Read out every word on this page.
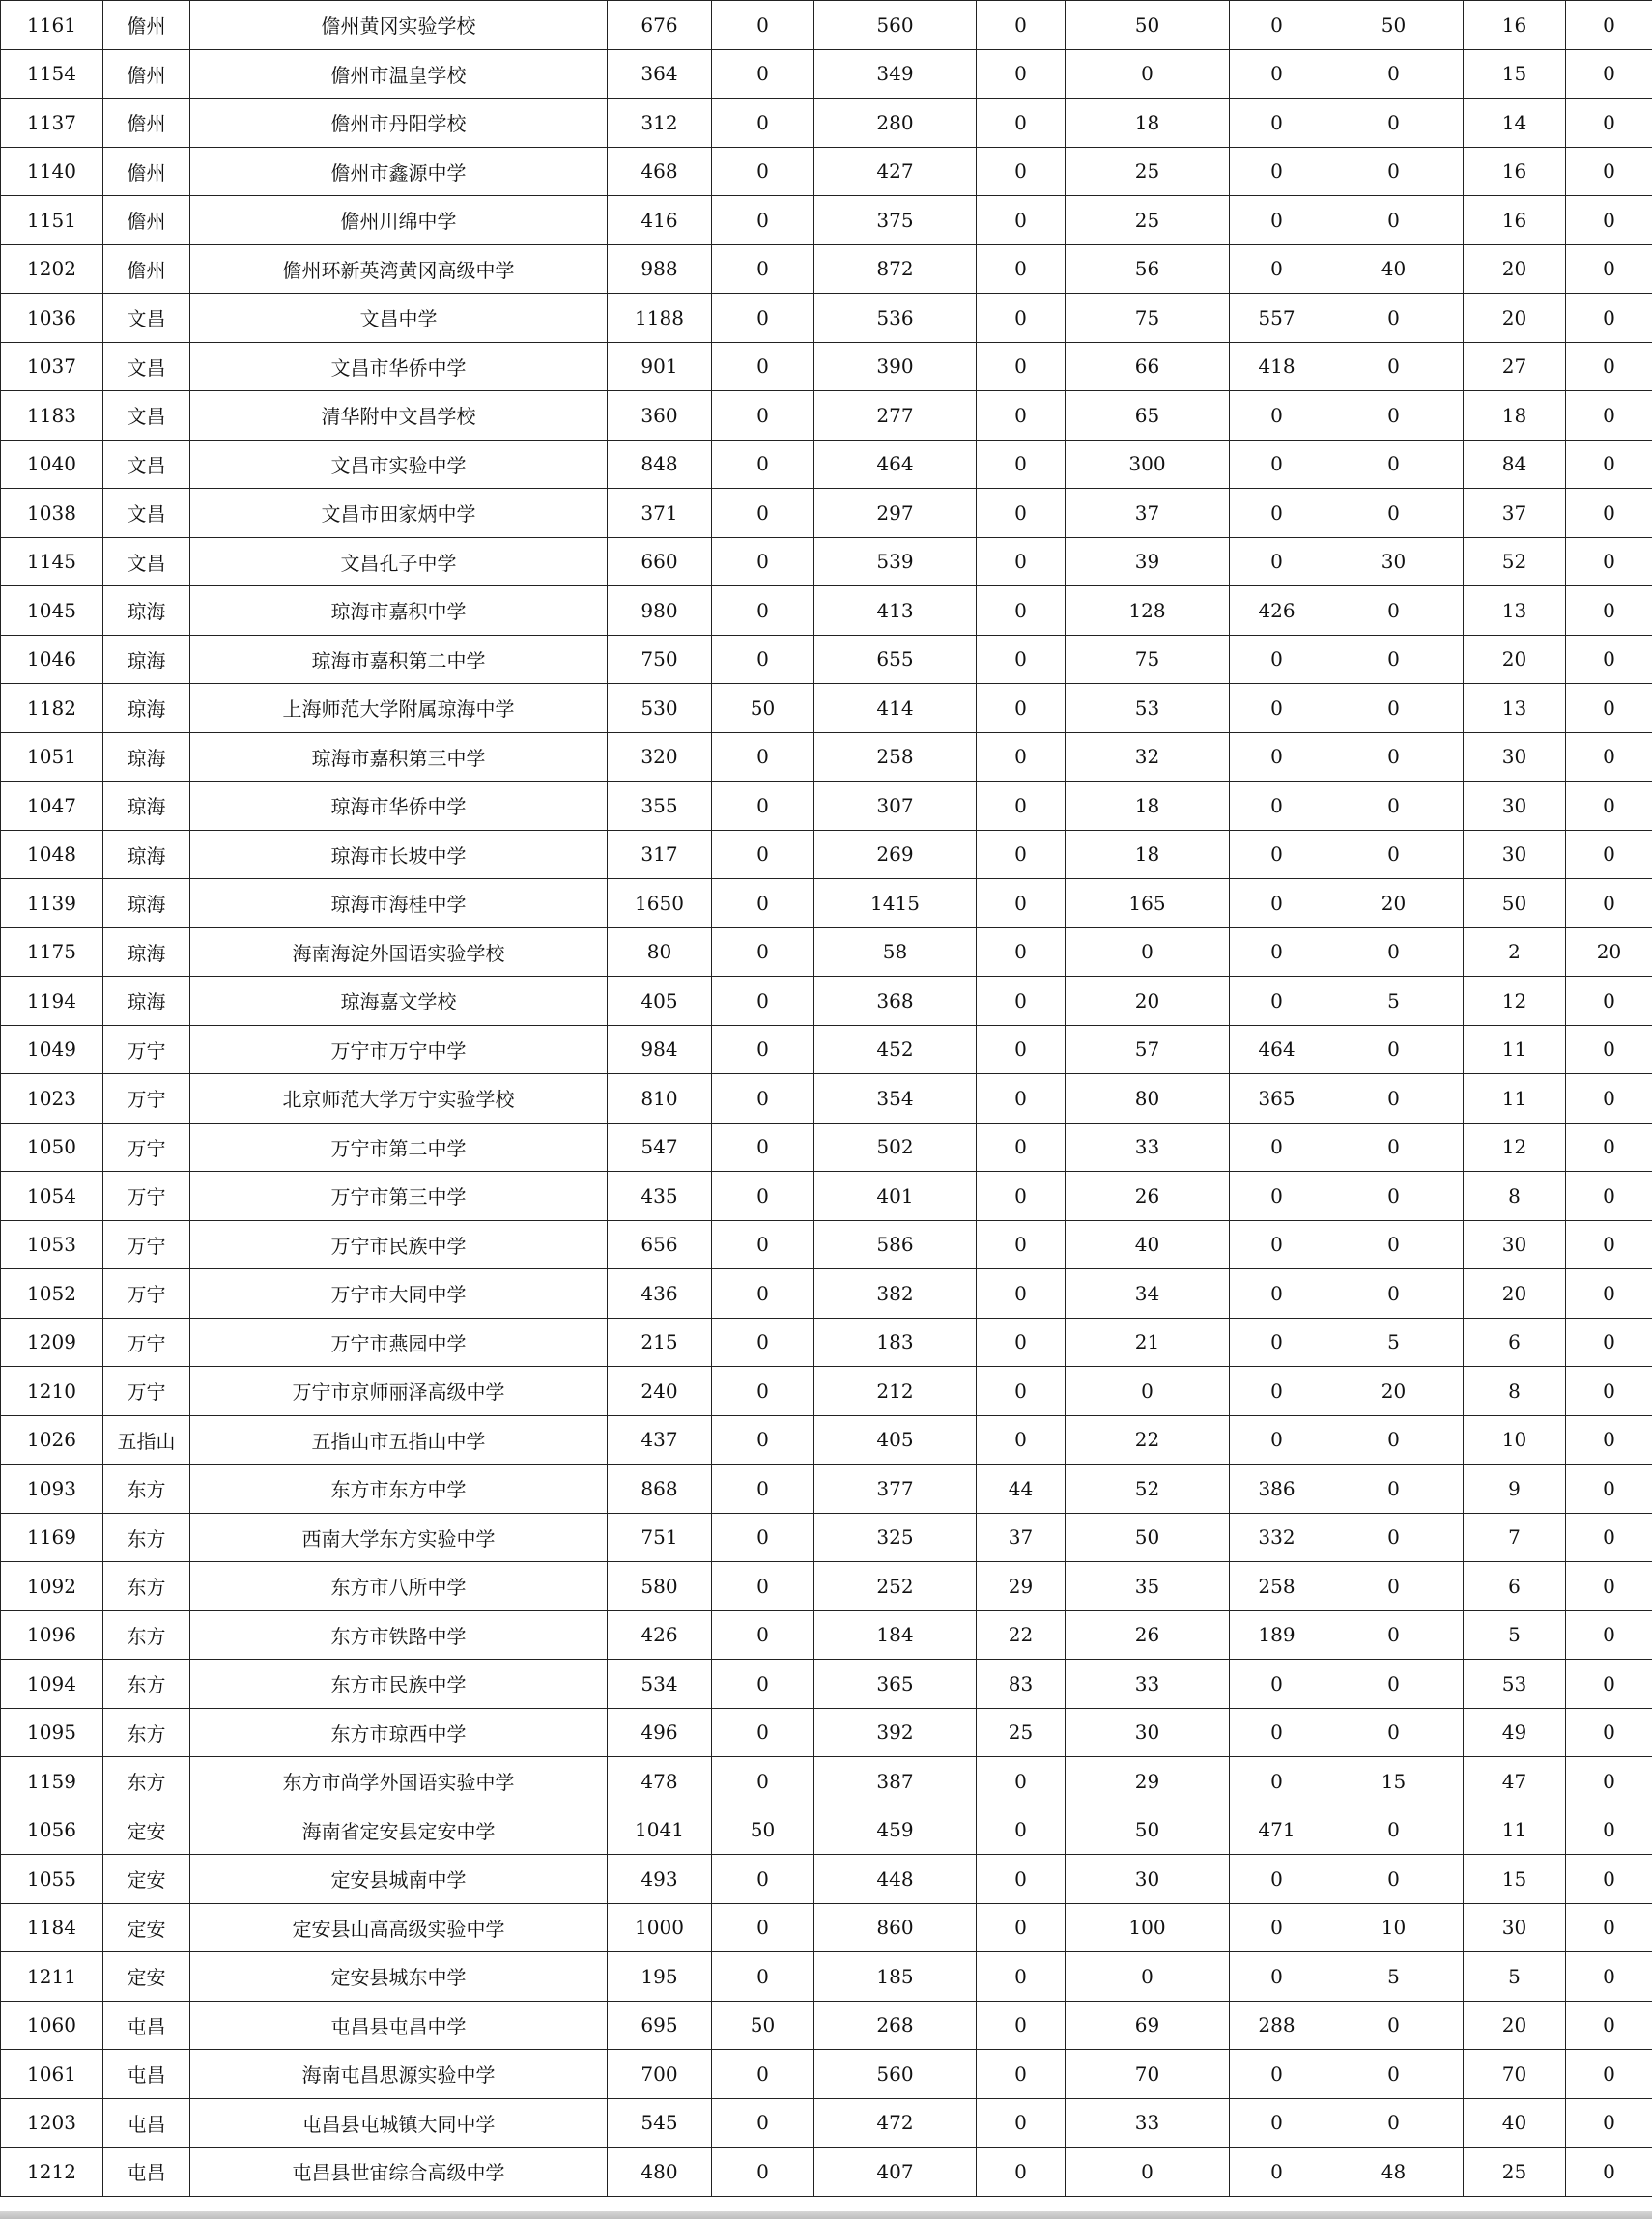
1161	儋州	儋州黄冈实验学校	676	0	560	0	50	0	50	16	0
1154	儋州	儋州市温皇学校	364	0	349	0	0	0	0	15	0
1137	儋州	儋州市丹阳学校	312	0	280	0	18	0	0	14	0
1140	儋州	儋州市鑫源中学	468	0	427	0	25	0	0	16	0
1151	儋州	儋州川绵中学	416	0	375	0	25	0	0	16	0
1202	儋州	儋州环新英湾黄冈高级中学	988	0	872	0	56	0	40	20	0
1036	文昌	文昌中学	1188	0	536	0	75	557	0	20	0
1037	文昌	文昌市华侨中学	901	0	390	0	66	418	0	27	0
1183	文昌	清华附中文昌学校	360	0	277	0	65	0	0	18	0
1040	文昌	文昌市实验中学	848	0	464	0	300	0	0	84	0
1038	文昌	文昌市田家炳中学	371	0	297	0	37	0	0	37	0
1145	文昌	文昌孔子中学	660	0	539	0	39	0	30	52	0
1045	琼海	琼海市嘉积中学	980	0	413	0	128	426	0	13	0
1046	琼海	琼海市嘉积第二中学	750	0	655	0	75	0	0	20	0
1182	琼海	上海师范大学附属琼海中学	530	50	414	0	53	0	0	13	0
1051	琼海	琼海市嘉积第三中学	320	0	258	0	32	0	0	30	0
1047	琼海	琼海市华侨中学	355	0	307	0	18	0	0	30	0
1048	琼海	琼海市长坡中学	317	0	269	0	18	0	0	30	0
1139	琼海	琼海市海桂中学	1650	0	1415	0	165	0	20	50	0
1175	琼海	海南海淀外国语实验学校	80	0	58	0	0	0	0	2	20
1194	琼海	琼海嘉文学校	405	0	368	0	20	0	5	12	0
1049	万宁	万宁市万宁中学	984	0	452	0	57	464	0	11	0
1023	万宁	北京师范大学万宁实验学校	810	0	354	0	80	365	0	11	0
1050	万宁	万宁市第二中学	547	0	502	0	33	0	0	12	0
1054	万宁	万宁市第三中学	435	0	401	0	26	0	0	8	0
1053	万宁	万宁市民族中学	656	0	586	0	40	0	0	30	0
1052	万宁	万宁市大同中学	436	0	382	0	34	0	0	20	0
1209	万宁	万宁市燕园中学	215	0	183	0	21	0	5	6	0
1210	万宁	万宁市京师丽泽高级中学	240	0	212	0	0	0	20	8	0
1026	五指山	五指山市五指山中学	437	0	405	0	22	0	0	10	0
1093	东方	东方市东方中学	868	0	377	44	52	386	0	9	0
1169	东方	西南大学东方实验中学	751	0	325	37	50	332	0	7	0
1092	东方	东方市八所中学	580	0	252	29	35	258	0	6	0
1096	东方	东方市铁路中学	426	0	184	22	26	189	0	5	0
1094	东方	东方市民族中学	534	0	365	83	33	0	0	53	0
1095	东方	东方市琼西中学	496	0	392	25	30	0	0	49	0
1159	东方	东方市尚学外国语实验中学	478	0	387	0	29	0	15	47	0
1056	定安	海南省定安县定安中学	1041	50	459	0	50	471	0	11	0
1055	定安	定安县城南中学	493	0	448	0	30	0	0	15	0
1184	定安	定安县山高高级实验中学	1000	0	860	0	100	0	10	30	0
1211	定安	定安县城东中学	195	0	185	0	0	0	5	5	0
1060	屯昌	屯昌县屯昌中学	695	50	268	0	69	288	0	20	0
1061	屯昌	海南屯昌思源实验中学	700	0	560	0	70	0	0	70	0
1203	屯昌	屯昌县屯城镇大同中学	545	0	472	0	33	0	0	40	0
1212	屯昌	屯昌县世宙综合高级中学	480	0	407	0	0	0	48	25	0
